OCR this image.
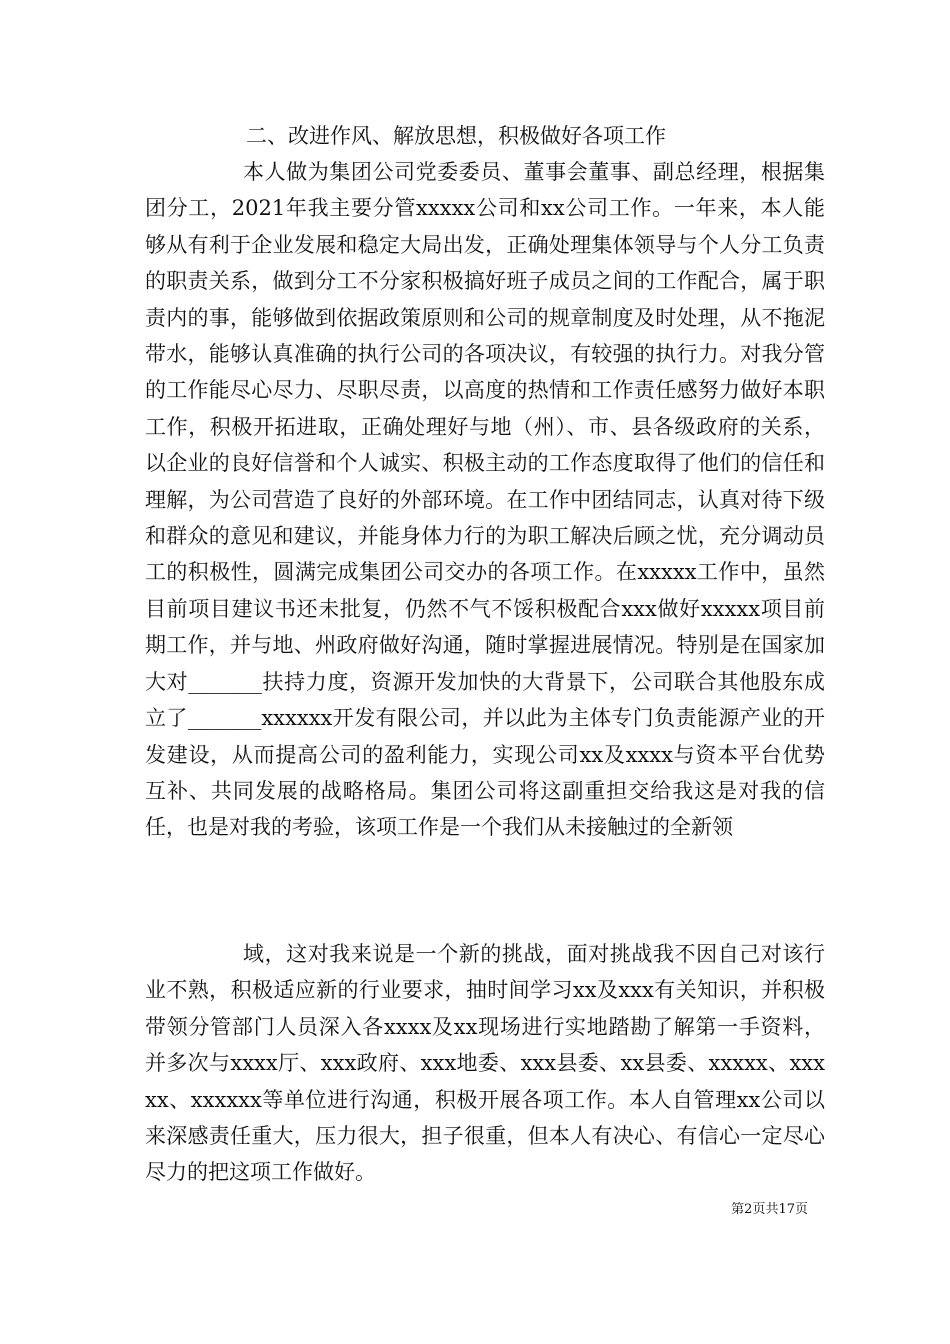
二、改进作风、解放思想，积极做好各项工作

本人做为集团公司党委委员、董事会董事、副总经理，根据集团分工，2021年我主要分管xxxxx公司和xx公司工作。一年来，本人能够从有利于企业发展和稳定大局出发，正确处理集体领导与个人分工负责的职责关系，做到分工不分家积极搞好班子成员之间的工作配合，属于职责内的事，能够做到依据政策原则和公司的规章制度及时处理，从不拖泥带水，能够认真准确的执行公司的各项决议，有较强的执行力。对我分管的工作能尽心尽力、尽职尽责，以高度的热情和工作责任感努力做好本职工作，积极开拓进取，正确处理好与地（州）、市、县各级政府的关系，以企业的良好信誉和个人诚实、积极主动的工作态度取得了他们的信任和理解，为公司营造了良好的外部环境。在工作中团结同志，认真对待下级和群众的意见和建议，并能身体力行的为职工解决后顾之忧，充分调动员工的积极性，圆满完成集团公司交办的各项工作。在xxxxx工作中，虽然目前项目建议书还未批复，仍然不气不馁积极配合xxx做好xxxxx项目前期工作，并与地、州政府做好沟通，随时掌握进展情况。特别是在国家加大对_______扶持力度，资源开发加快的大背景下，公司联合其他股东成立了_______xxxxxx开发有限公司，并以此为主体专门负责能源产业的开发建设，从而提高公司的盈利能力，实现公司xx及xxxx与资本平台优势互补、共同发展的战略格局。集团公司将这副重担交给我这是对我的信任，也是对我的考验，该项工作是一个我们从未接触过的全新领

域，这对我来说是一个新的挑战，面对挑战我不因自己对该行业不熟，积极适应新的行业要求，抽时间学习xx及xxx有关知识，并积极带领分管部门人员深入各xxxx及xx现场进行实地踏勘了解第一手资料，并多次与xxxx厅、xxx政府、xxx地委、xxx县委、xx县委、xxxxx、xxxxx、xxxxxx等单位进行沟通，积极开展各项工作。本人自管理xx公司以来深感责任重大，压力很大，担子很重，但本人有决心、有信心一定尽心尽力的把这项工作做好。

第2页共17页
